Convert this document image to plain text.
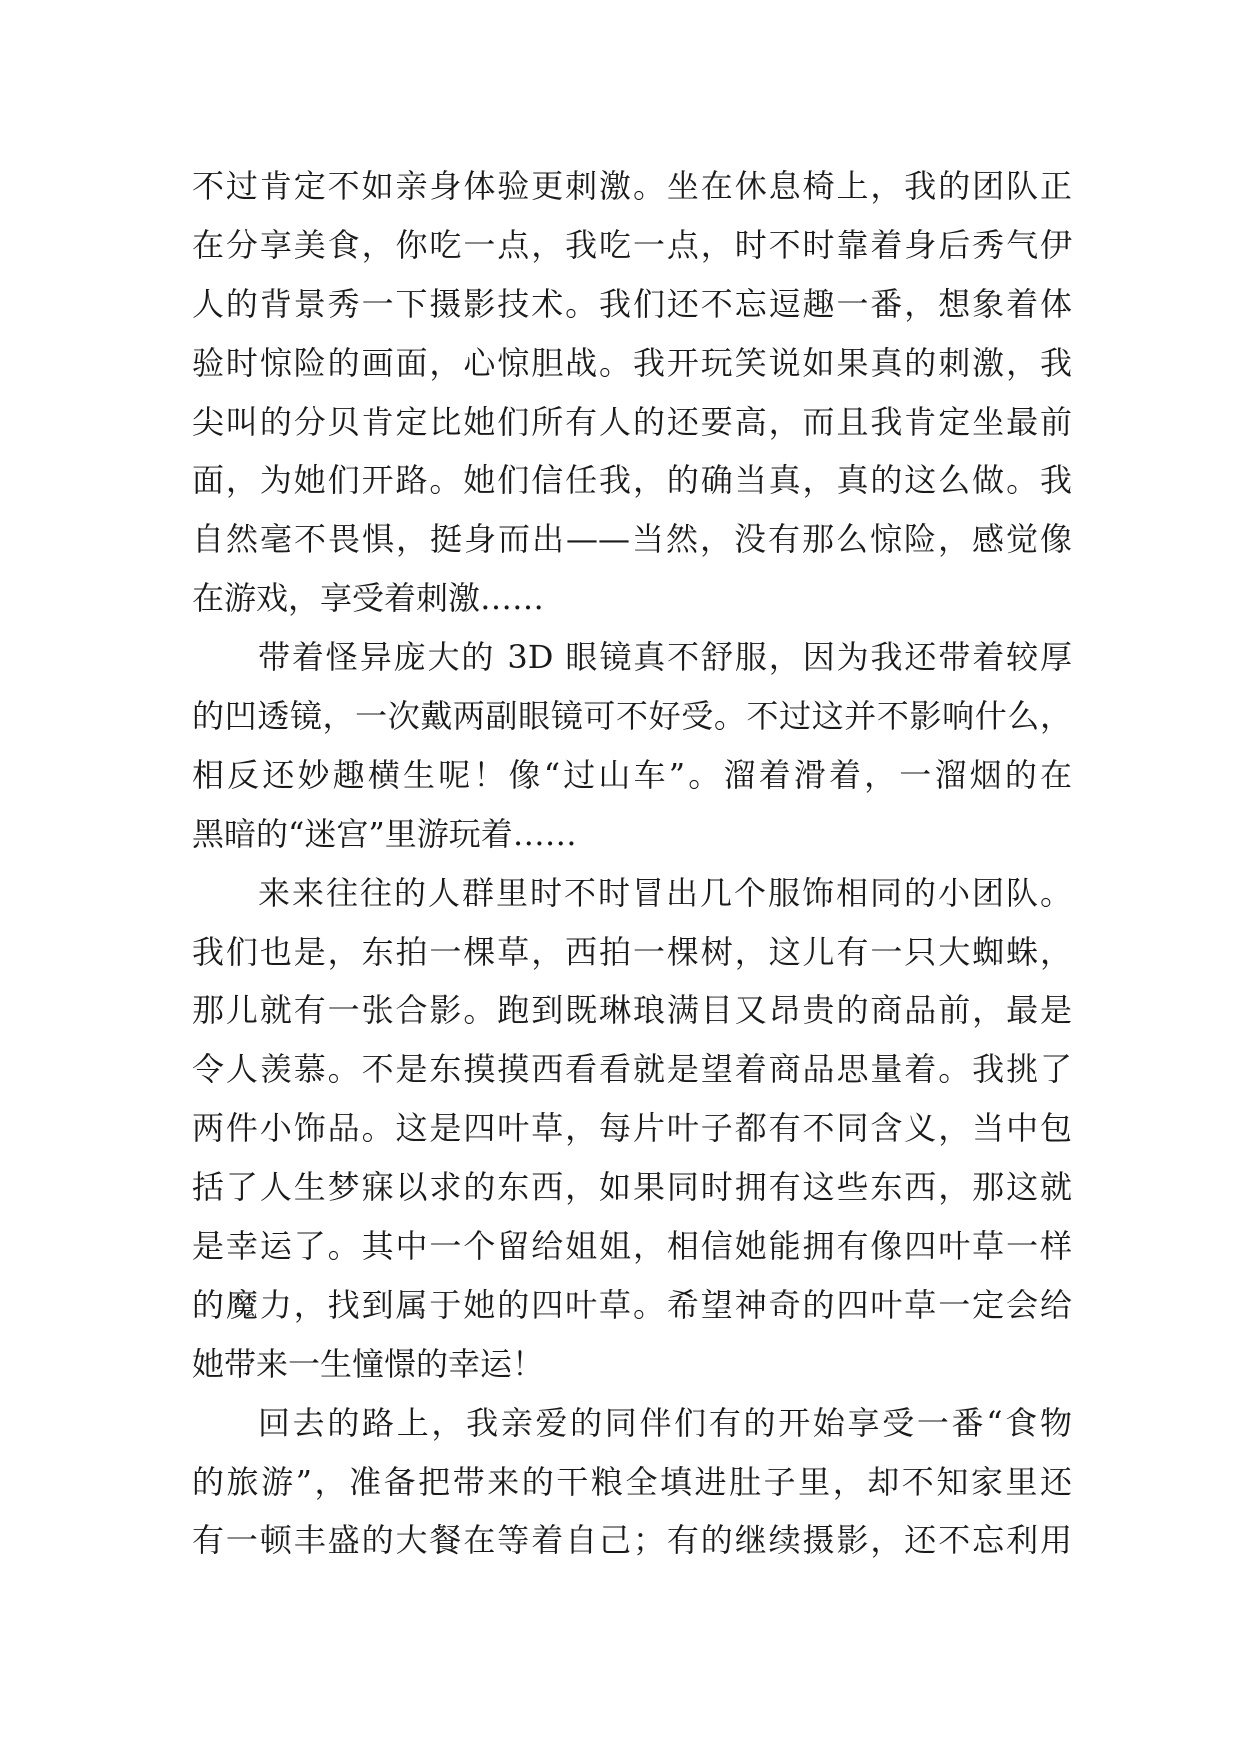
不过肯定不如亲身体验更刺激。坐在休息椅上，我的团队正
在分享美食，你吃一点，我吃一点，时不时靠着身后秀气伊
人的背景秀一下摄影技术。我们还不忘逗趣一番，想象着体
验时惊险的画面，心惊胆战。我开玩笑说如果真的刺激，我
尖叫的分贝肯定比她们所有人的还要高，而且我肯定坐最前
面，为她们开路。她们信任我，的确当真，真的这么做。我
自然毫不畏惧，挺身而出——当然，没有那么惊险，感觉像
在游戏，享受着刺激……
带着怪异庞大的 3D 眼镜真不舒服，因为我还带着较厚
的凹透镜，一次戴两副眼镜可不好受。不过这并不影响什么，
相反还妙趣横生呢！像“过山车”。溜着滑着，一溜烟的在
黑暗的“迷宫”里游玩着……
来来往往的人群里时不时冒出几个服饰相同的小团队。
我们也是，东拍一棵草，西拍一棵树，这儿有一只大蜘蛛，
那儿就有一张合影。跑到既琳琅满目又昂贵的商品前，最是
令人羡慕。不是东摸摸西看看就是望着商品思量着。我挑了
两件小饰品。这是四叶草，每片叶子都有不同含义，当中包
括了人生梦寐以求的东西，如果同时拥有这些东西，那这就
是幸运了。其中一个留给姐姐，相信她能拥有像四叶草一样
的魔力，找到属于她的四叶草。希望神奇的四叶草一定会给
她带来一生憧憬的幸运！
回去的路上，我亲爱的同伴们有的开始享受一番“食物
的旅游”，准备把带来的干粮全填进肚子里，却不知家里还
有一顿丰盛的大餐在等着自己；有的继续摄影，还不忘利用
